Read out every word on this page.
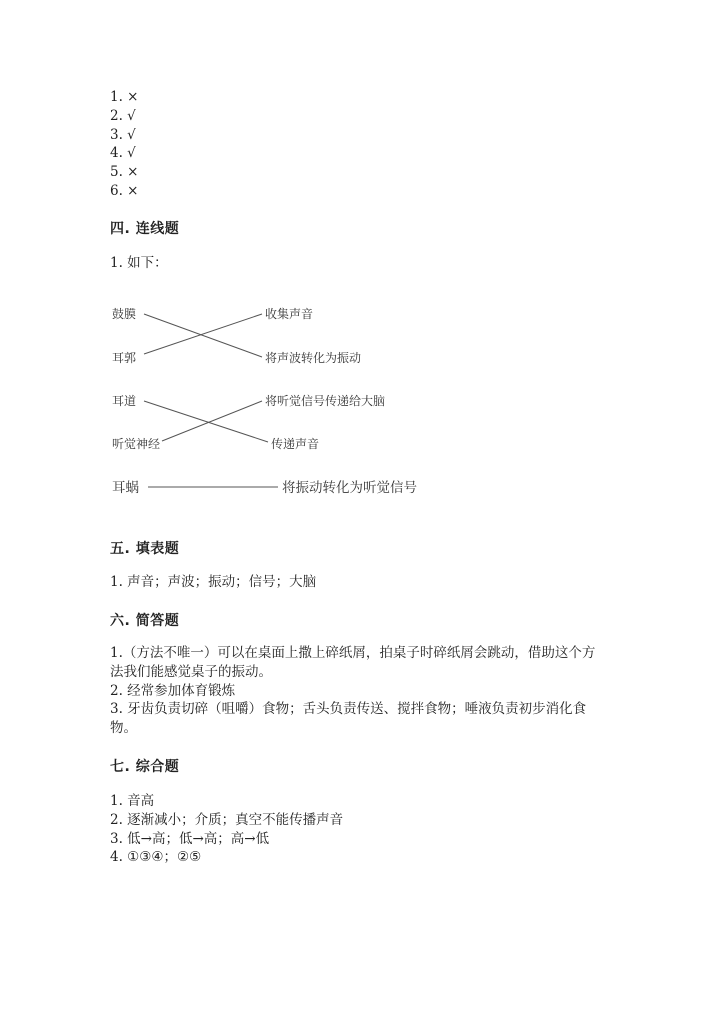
1. ×
2. √
3. √
4. √
5. ×
6. ×
四. 连线题
1. 如下：
鼓膜
耳郭
耳道
听觉神经
耳蜗
收集声音
将声波转化为振动
将听觉信号传递给大脑
传递声音
将振动转化为听觉信号
五. 填表题
1. 声音；声波；振动；信号；大脑
六. 简答题
1.（方法不唯一）可以在桌面上撒上碎纸屑，拍桌子时碎纸屑会跳动，借助这个方法我们能感觉桌子的振动。
2. 经常参加体育锻炼
3. 牙齿负责切碎（咀嚼）食物；舌头负责传送、搅拌食物；唾液负责初步消化食物。
七. 综合题
1. 音高
2. 逐渐减小；介质；真空不能传播声音
3. 低→高；低→高；高→低
4. ①③④；②⑤
